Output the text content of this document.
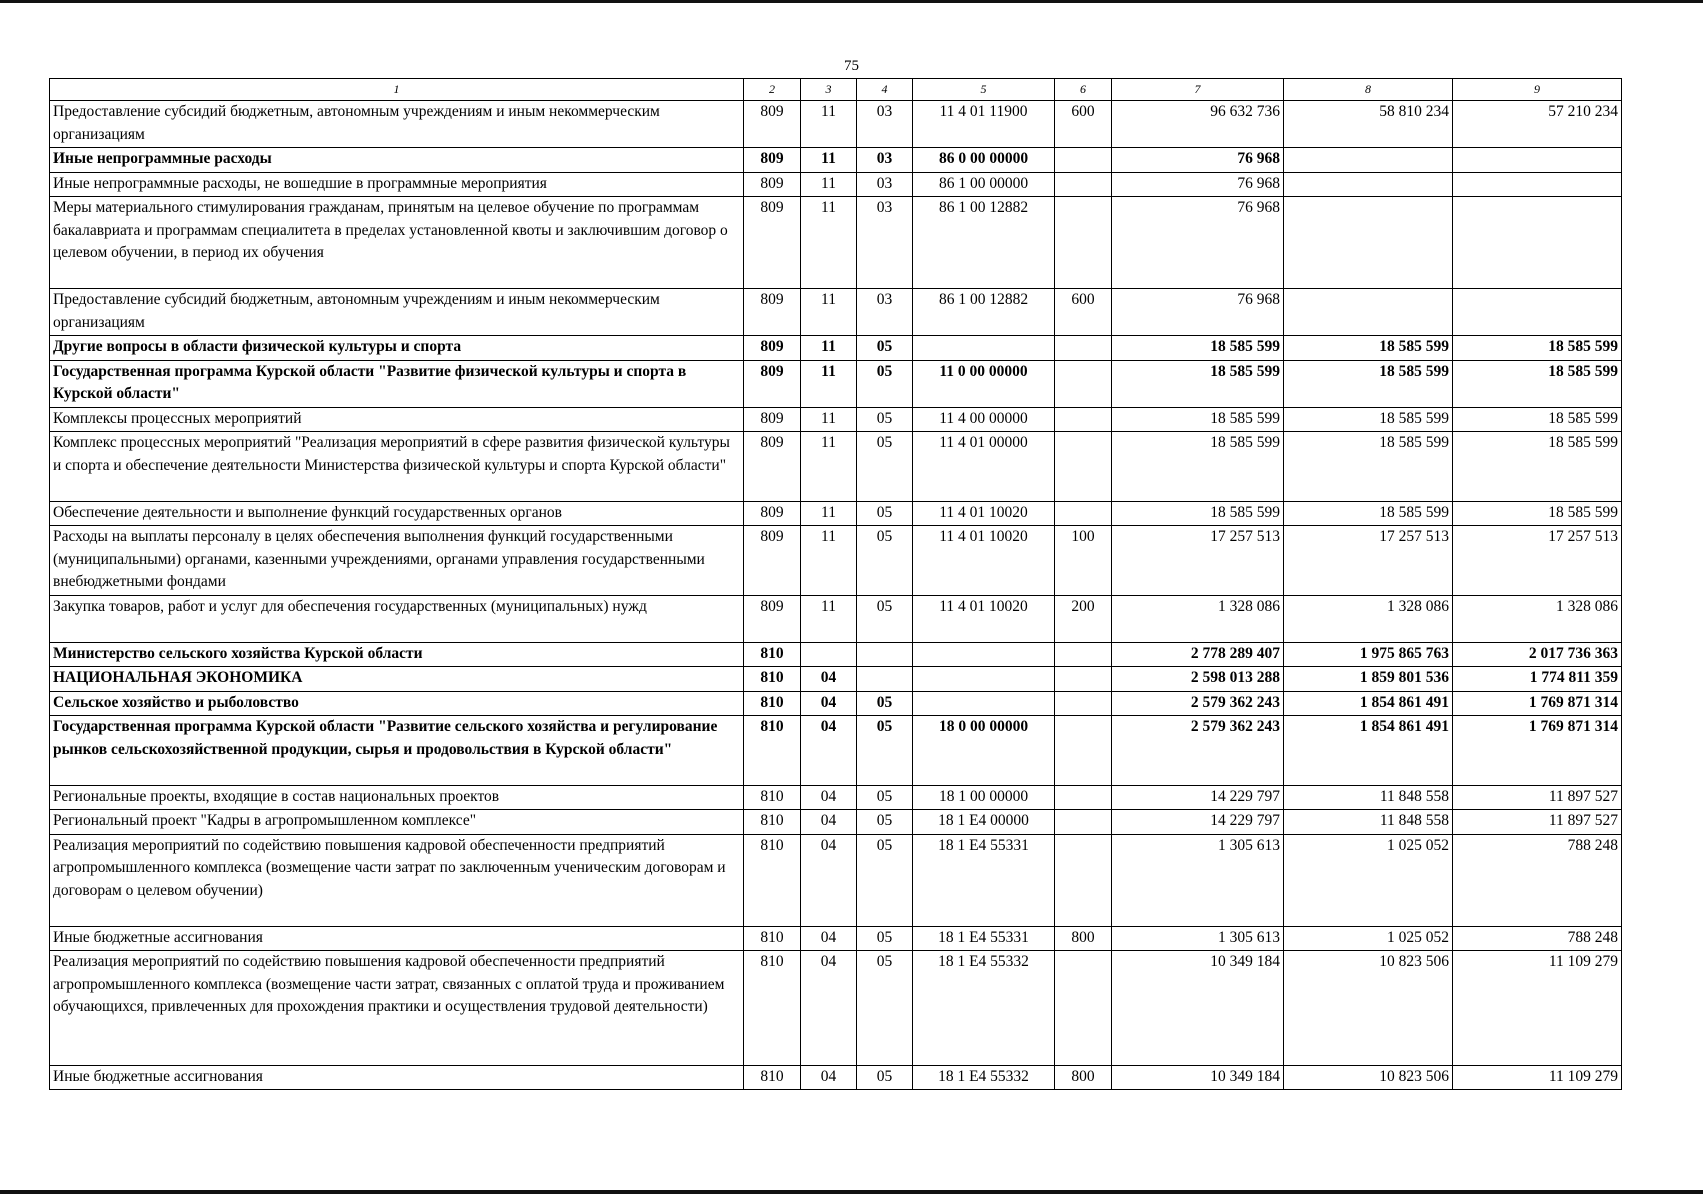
75
1	2	3	4	5	6	7	8	9
Предоставление субсидий бюджетным, автономным учреждениям и иным некоммерческим организациям	809	11	03	11 4 01 11900	600	96 632 736	58 810 234	57 210 234
Иные непрограммные расходы	809	11	03	86 0 00 00000		76 968		
Иные непрограммные расходы, не вошедшие в программные мероприятия	809	11	03	86 1 00 00000		76 968		
Меры материального стимулирования гражданам, принятым на целевое обучение по программам бакалавриата и программам специалитета в пределах установленной квоты и заключившим договор о целевом обучении, в период их обучения	809	11	03	86 1 00 12882		76 968		
Предоставление субсидий бюджетным, автономным учреждениям и иным некоммерческим организациям	809	11	03	86 1 00 12882	600	76 968		
Другие вопросы в области физической культуры и спорта	809	11	05			18 585 599	18 585 599	18 585 599
Государственная программа Курской области "Развитие физической культуры и спорта в Курской области"	809	11	05	11 0 00 00000		18 585 599	18 585 599	18 585 599
Комплексы процессных мероприятий	809	11	05	11 4 00 00000		18 585 599	18 585 599	18 585 599
Комплекс процессных мероприятий "Реализация мероприятий в сфере развития физической культуры и спорта и обеспечение деятельности Министерства физической культуры и спорта Курской области"	809	11	05	11 4 01 00000		18 585 599	18 585 599	18 585 599
Обеспечение деятельности и выполнение функций государственных органов	809	11	05	11 4 01 10020		18 585 599	18 585 599	18 585 599
Расходы на выплаты персоналу в целях обеспечения выполнения функций государственными (муниципальными) органами, казенными учреждениями, органами управления государственными внебюджетными фондами	809	11	05	11 4 01 10020	100	17 257 513	17 257 513	17 257 513
Закупка товаров, работ и услуг для обеспечения государственных (муниципальных) нужд	809	11	05	11 4 01 10020	200	1 328 086	1 328 086	1 328 086
Министерство сельского хозяйства Курской области	810					2 778 289 407	1 975 865 763	2 017 736 363
НАЦИОНАЛЬНАЯ ЭКОНОМИКА	810	04				2 598 013 288	1 859 801 536	1 774 811 359
Сельское хозяйство и рыболовство	810	04	05			2 579 362 243	1 854 861 491	1 769 871 314
Государственная программа Курской области "Развитие сельского хозяйства и регулирование рынков сельскохозяйственной продукции, сырья и продовольствия в Курской области"	810	04	05	18 0 00 00000		2 579 362 243	1 854 861 491	1 769 871 314
Региональные проекты, входящие в состав национальных проектов	810	04	05	18 1 00 00000		14 229 797	11 848 558	11 897 527
Региональный проект "Кадры в агропромышленном комплексе"	810	04	05	18 1 E4 00000		14 229 797	11 848 558	11 897 527
Реализация мероприятий по содействию повышения кадровой обеспеченности предприятий агропромышленного комплекса (возмещение части затрат по заключенным ученическим договорам и договорам о целевом обучении)	810	04	05	18 1 E4 55331		1 305 613	1 025 052	788 248
Иные бюджетные ассигнования	810	04	05	18 1 E4 55331	800	1 305 613	1 025 052	788 248
Реализация мероприятий по содействию повышения кадровой обеспеченности предприятий агропромышленного комплекса (возмещение части затрат, связанных с оплатой труда и проживанием обучающихся, привлеченных для прохождения практики и осуществления трудовой деятельности)	810	04	05	18 1 E4 55332		10 349 184	10 823 506	11 109 279
Иные бюджетные ассигнования	810	04	05	18 1 E4 55332	800	10 349 184	10 823 506	11 109 279
